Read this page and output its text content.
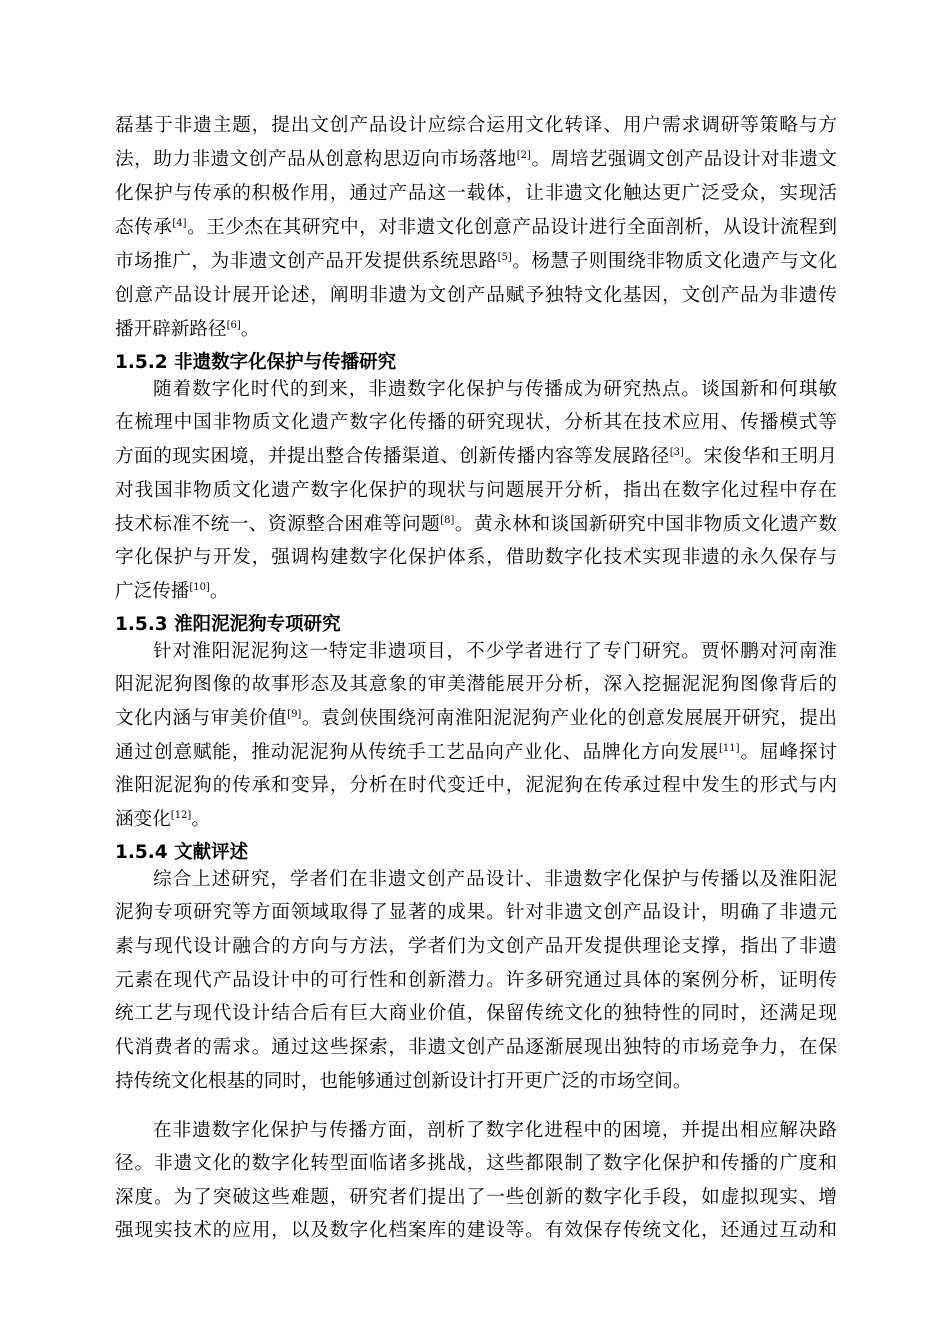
磊基于非遗主题，提出文创产品设计应综合运用文化转译、用户需求调研等策略与方
法，助力非遗文创产品从创意构思迈向市场落地[2]。周培艺强调文创产品设计对非遗文
化保护与传承的积极作用，通过产品这一载体，让非遗文化触达更广泛受众，实现活
态传承[4]。王少杰在其研究中，对非遗文化创意产品设计进行全面剖析，从设计流程到
市场推广，为非遗文创产品开发提供系统思路[5]。杨慧子则围绕非物质文化遗产与文化
创意产品设计展开论述，阐明非遗为文创产品赋予独特文化基因，文创产品为非遗传
播开辟新路径[6]。
1.5.2 非遗数字化保护与传播研究
随着数字化时代的到来，非遗数字化保护与传播成为研究热点。谈国新和何琪敏
在梳理中国非物质文化遗产数字化传播的研究现状，分析其在技术应用、传播模式等
方面的现实困境，并提出整合传播渠道、创新传播内容等发展路径[3]。宋俊华和王明月
对我国非物质文化遗产数字化保护的现状与问题展开分析，指出在数字化过程中存在
技术标准不统一、资源整合困难等问题[8]。黄永林和谈国新研究中国非物质文化遗产数
字化保护与开发，强调构建数字化保护体系，借助数字化技术实现非遗的永久保存与
广泛传播[10]。
1.5.3 淮阳泥泥狗专项研究
针对淮阳泥泥狗这一特定非遗项目，不少学者进行了专门研究。贾怀鹏对河南淮
阳泥泥狗图像的故事形态及其意象的审美潜能展开分析，深入挖掘泥泥狗图像背后的
文化内涵与审美价值[9]。袁剑侠围绕河南淮阳泥泥狗产业化的创意发展展开研究，提出
通过创意赋能，推动泥泥狗从传统手工艺品向产业化、品牌化方向发展[11]。屈峰探讨
淮阳泥泥狗的传承和变异，分析在时代变迁中，泥泥狗在传承过程中发生的形式与内
涵变化[12]。
1.5.4 文献评述
综合上述研究，学者们在非遗文创产品设计、非遗数字化保护与传播以及淮阳泥
泥狗专项研究等方面领域取得了显著的成果。针对非遗文创产品设计，明确了非遗元
素与现代设计融合的方向与方法，学者们为文创产品开发提供理论支撑，指出了非遗
元素在现代产品设计中的可行性和创新潜力。许多研究通过具体的案例分析，证明传
统工艺与现代设计结合后有巨大商业价值，保留传统文化的独特性的同时，还满足现
代消费者的需求。通过这些探索，非遗文创产品逐渐展现出独特的市场竞争力，在保
持传统文化根基的同时，也能够通过创新设计打开更广泛的市场空间。
在非遗数字化保护与传播方面，剖析了数字化进程中的困境，并提出相应解决路
径。非遗文化的数字化转型面临诸多挑战，这些都限制了数字化保护和传播的广度和
深度。为了突破这些难题，研究者们提出了一些创新的数字化手段，如虚拟现实、增
强现实技术的应用，以及数字化档案库的建设等。有效保存传统文化，还通过互动和
